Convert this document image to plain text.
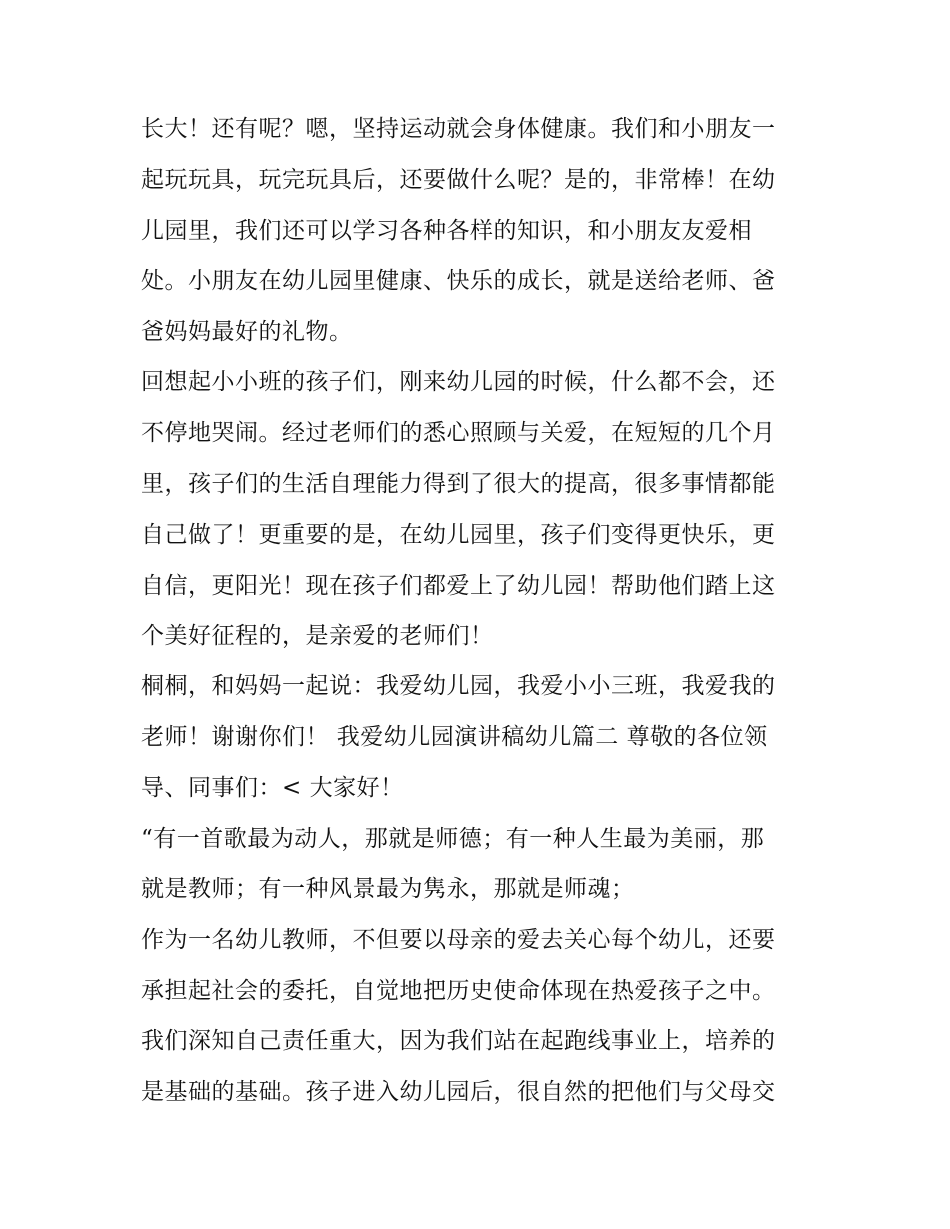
长大！还有呢？嗯，坚持运动就会身体健康。我们和小朋友一
起玩玩具，玩完玩具后，还要做什么呢？是的，非常棒！在幼
儿园里，我们还可以学习各种各样的知识，和小朋友友爱相
处。小朋友在幼儿园里健康、快乐的成长，就是送给老师、爸
爸妈妈最好的礼物。
回想起小小班的孩子们，刚来幼儿园的时候，什么都不会，还
不停地哭闹。经过老师们的悉心照顾与关爱，在短短的几个月
里，孩子们的生活自理能力得到了很大的提高，很多事情都能
自己做了！更重要的是，在幼儿园里，孩子们变得更快乐，更
自信，更阳光！现在孩子们都爱上了幼儿园！帮助他们踏上这
个美好征程的，是亲爱的老师们！
桐桐，和妈妈一起说：我爱幼儿园，我爱小小三班，我爱我的
老师！谢谢你们！ 我爱幼儿园演讲稿幼儿篇二 尊敬的各位领
导、同事们：< 大家好！
“有一首歌最为动人，那就是师德；有一种人生最为美丽，那
就是教师；有一种风景最为隽永，那就是师魂；
作为一名幼儿教师，不但要以母亲的爱去关心每个幼儿，还要
承担起社会的委托，自觉地把历史使命体现在热爱孩子之中。
我们深知自己责任重大，因为我们站在起跑线事业上，培养的
是基础的基础。孩子进入幼儿园后，很自然的把他们与父母交
